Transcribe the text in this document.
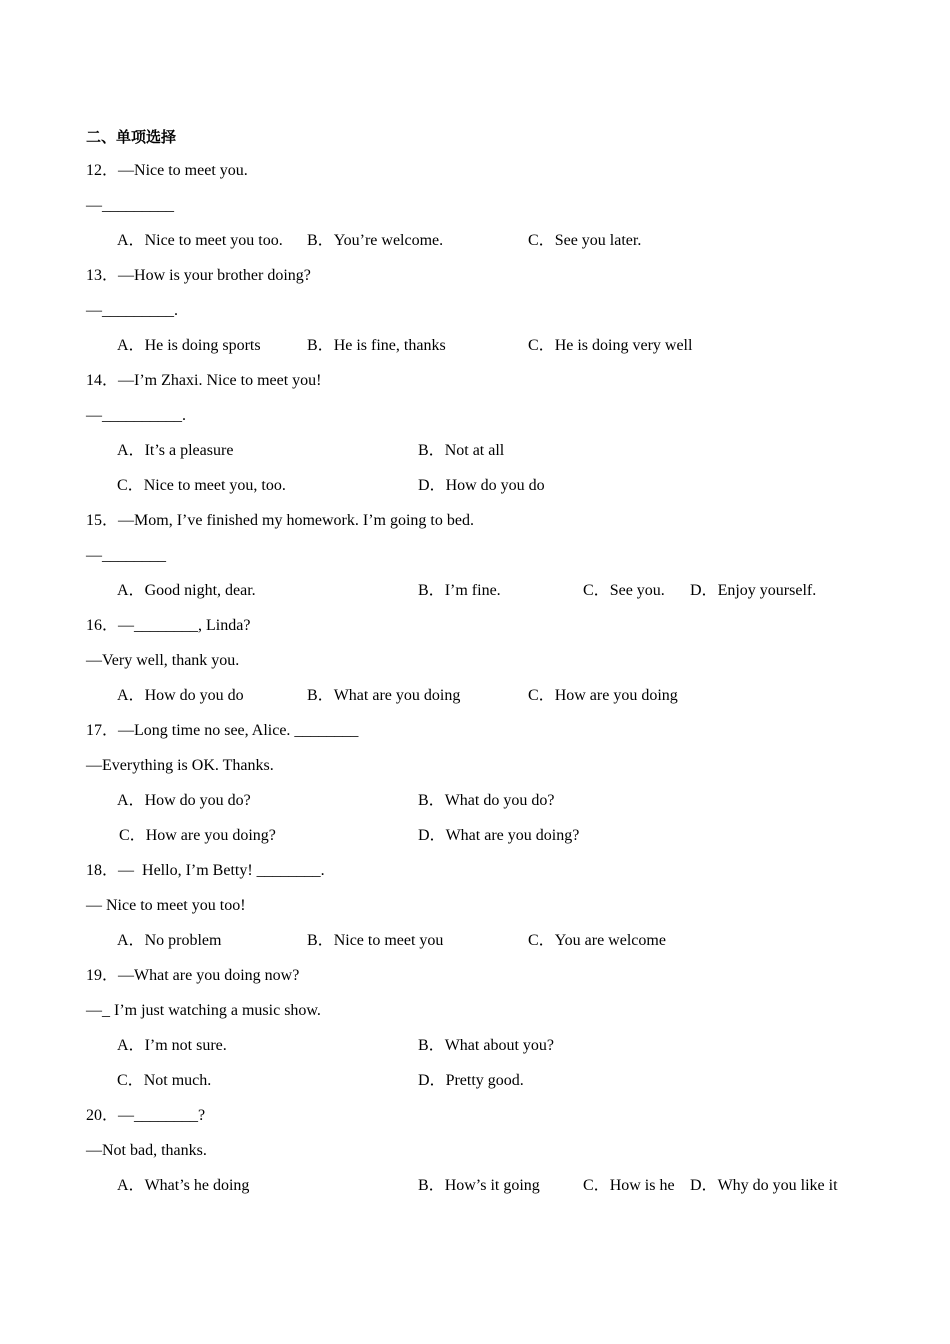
二、单项选择
12．—Nice to meet you.
—_________
A．Nice to meet you too. B．You’re welcome.	C．See you later.
13．—How is your brother doing?
—_________.
A．He is doing sports	B．He is fine, thanks	C．He is doing very well
14．—I’m Zhaxi. Nice to meet you!
—__________.
A．It’s a pleasure	B．Not at all
C．Nice to meet you, too.	D．How do you do
15．—Mom, I’ve finished my homework. I’m going to bed.
—________
A．Good night, dear.	B．I’m fine.	C．See you. D．Enjoy yourself.
16．—________, Linda?
—Very well, thank you.
A．How do you do	B．What are you doing	C．How are you doing
17．—Long time no see, Alice. ________
—Everything is OK. Thanks.
A．How do you do?	B．What do you do?
C．How are you doing?	D．What are you doing?
18．—  Hello, I’m Betty! ________.
— Nice to meet you too!
A．No problem	B．Nice to meet you	C．You are welcome
19．—What are you doing now?
—_ I’m just watching a music show.
A．I’m not sure.	B．What about you?
C．Not much.	D．Pretty good.
20．—________?
—Not bad, thanks.
A．What’s he doing	B．How’s it going	C．How is he D．Why do you like it
